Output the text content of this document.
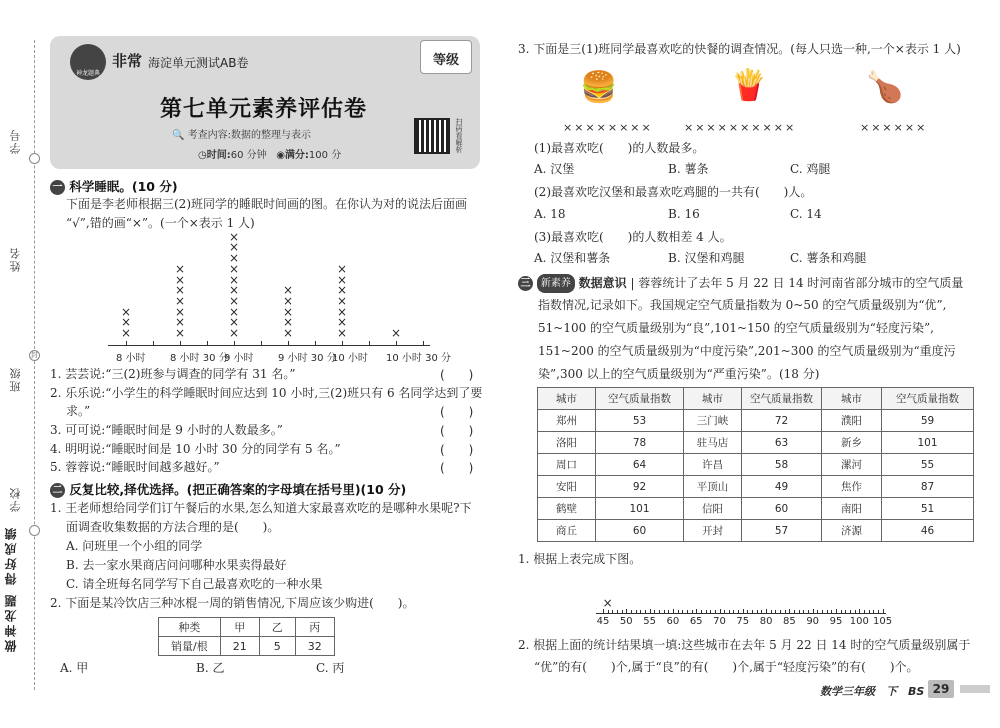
学号
姓名
班级
学校
封
做神龙题 得好成绩
神龙题典
非常 海淀单元测试AB卷	等级
第七单元素养评估卷
🔍 考查内容:数据的整理与表示
◷时间:60 分钟 ◉满分:100 分
扫码看解析
一 科学睡眠。(10 分)
下面是李老师根据三(2)班同学的睡眠时间画的图。在你认为对的说法后面画
“√”,错的画“×”。(一个×表示 1 人)
8 小时
×
×
×
8 小时 30 分
×
×
×
×
×
×
×
9 小时
×
×
×
×
×
×
×
×
×
×
9 小时 30 分
×
×
×
×
×
10 小时
×
×
×
×
×
×
×
10 小时 30 分
×
1. 芸芸说:“三(2)班参与调查的同学有 31 名。”
2. 乐乐说:“小学生的科学睡眠时间应达到 10 小时,三(2)班只有 6 名同学达到了要
求。”
3. 可可说:“睡眠时间是 9 小时的人数最多。”
4. 明明说:“睡眠时间是 10 小时 30 分的同学有 5 名。”
5. 蓉蓉说:“睡眠时间越多越好。”
(　　)
(　　)
(　　)
(　　)
(　　)
二 反复比较,择优选择。(把正确答案的字母填在括号里)(10 分)
1. 王老师想给同学们订午餐后的水果,怎么知道大家最喜欢吃的是哪种水果呢?下
面调查收集数据的方法合理的是(　　)。
A. 问班里一个小组的同学
B. 去一家水果商店问问哪种水果卖得最好
C. 请全班每名同学写下自己最喜欢吃的一种水果
2. 下面是某冷饮店三种冰棍一周的销售情况,下周应该少购进(　　)。
种类	甲	乙	丙
销量/根	21	5	32
A. 甲	B. 乙	C. 丙
3. 下面是三(1)班同学最喜欢吃的快餐的调查情况。(每人只选一种,一个×表示 1 人)
🍔	🍟	🍗
××××××××	××××××××××	××××××
(1)最喜欢吃(　　)的人数最多。
A. 汉堡	B. 薯条	C. 鸡腿
(2)最喜欢吃汉堡和最喜欢吃鸡腿的一共有(　　)人。
A. 18	B. 16	C. 14
(3)最喜欢吃(　　)的人数相差 4 人。
A. 汉堡和薯条	B. 汉堡和鸡腿	C. 薯条和鸡腿
三 新素养 数据意识 | 蓉蓉统计了去年 5 月 22 日 14 时河南省部分城市的空气质量
指数情况,记录如下。我国规定空气质量指数为 0~50 的空气质量级别为“优”,
51~100 的空气质量级别为“良”,101~150 的空气质量级别为“轻度污染”,
151~200 的空气质量级别为“中度污染”,201~300 的空气质量级别为“重度污
染”,300 以上的空气质量级别为“严重污染”。(18 分)
城市	空气质量指数	城市	空气质量指数	城市	空气质量指数
郑州	53	三门峡	72	濮阳	59
洛阳	78	驻马店	63	新乡	101
周口	64	许昌	58	漯河	55
安阳	92	平顶山	49	焦作	87
鹤壁	101	信阳	60	南阳	51
商丘	60	开封	57	济源	46
1. 根据上表完成下图。
45	50	55	60	65	70	75	80	85	90	95 100 105
×
2. 根据上面的统计结果填一填:这些城市在去年 5 月 22 日 14 时的空气质量级别属于
“优”的有(　　)个,属于“良”的有(　　)个,属于“轻度污染”的有(　　)个。
数学三年级　下　BS 29
